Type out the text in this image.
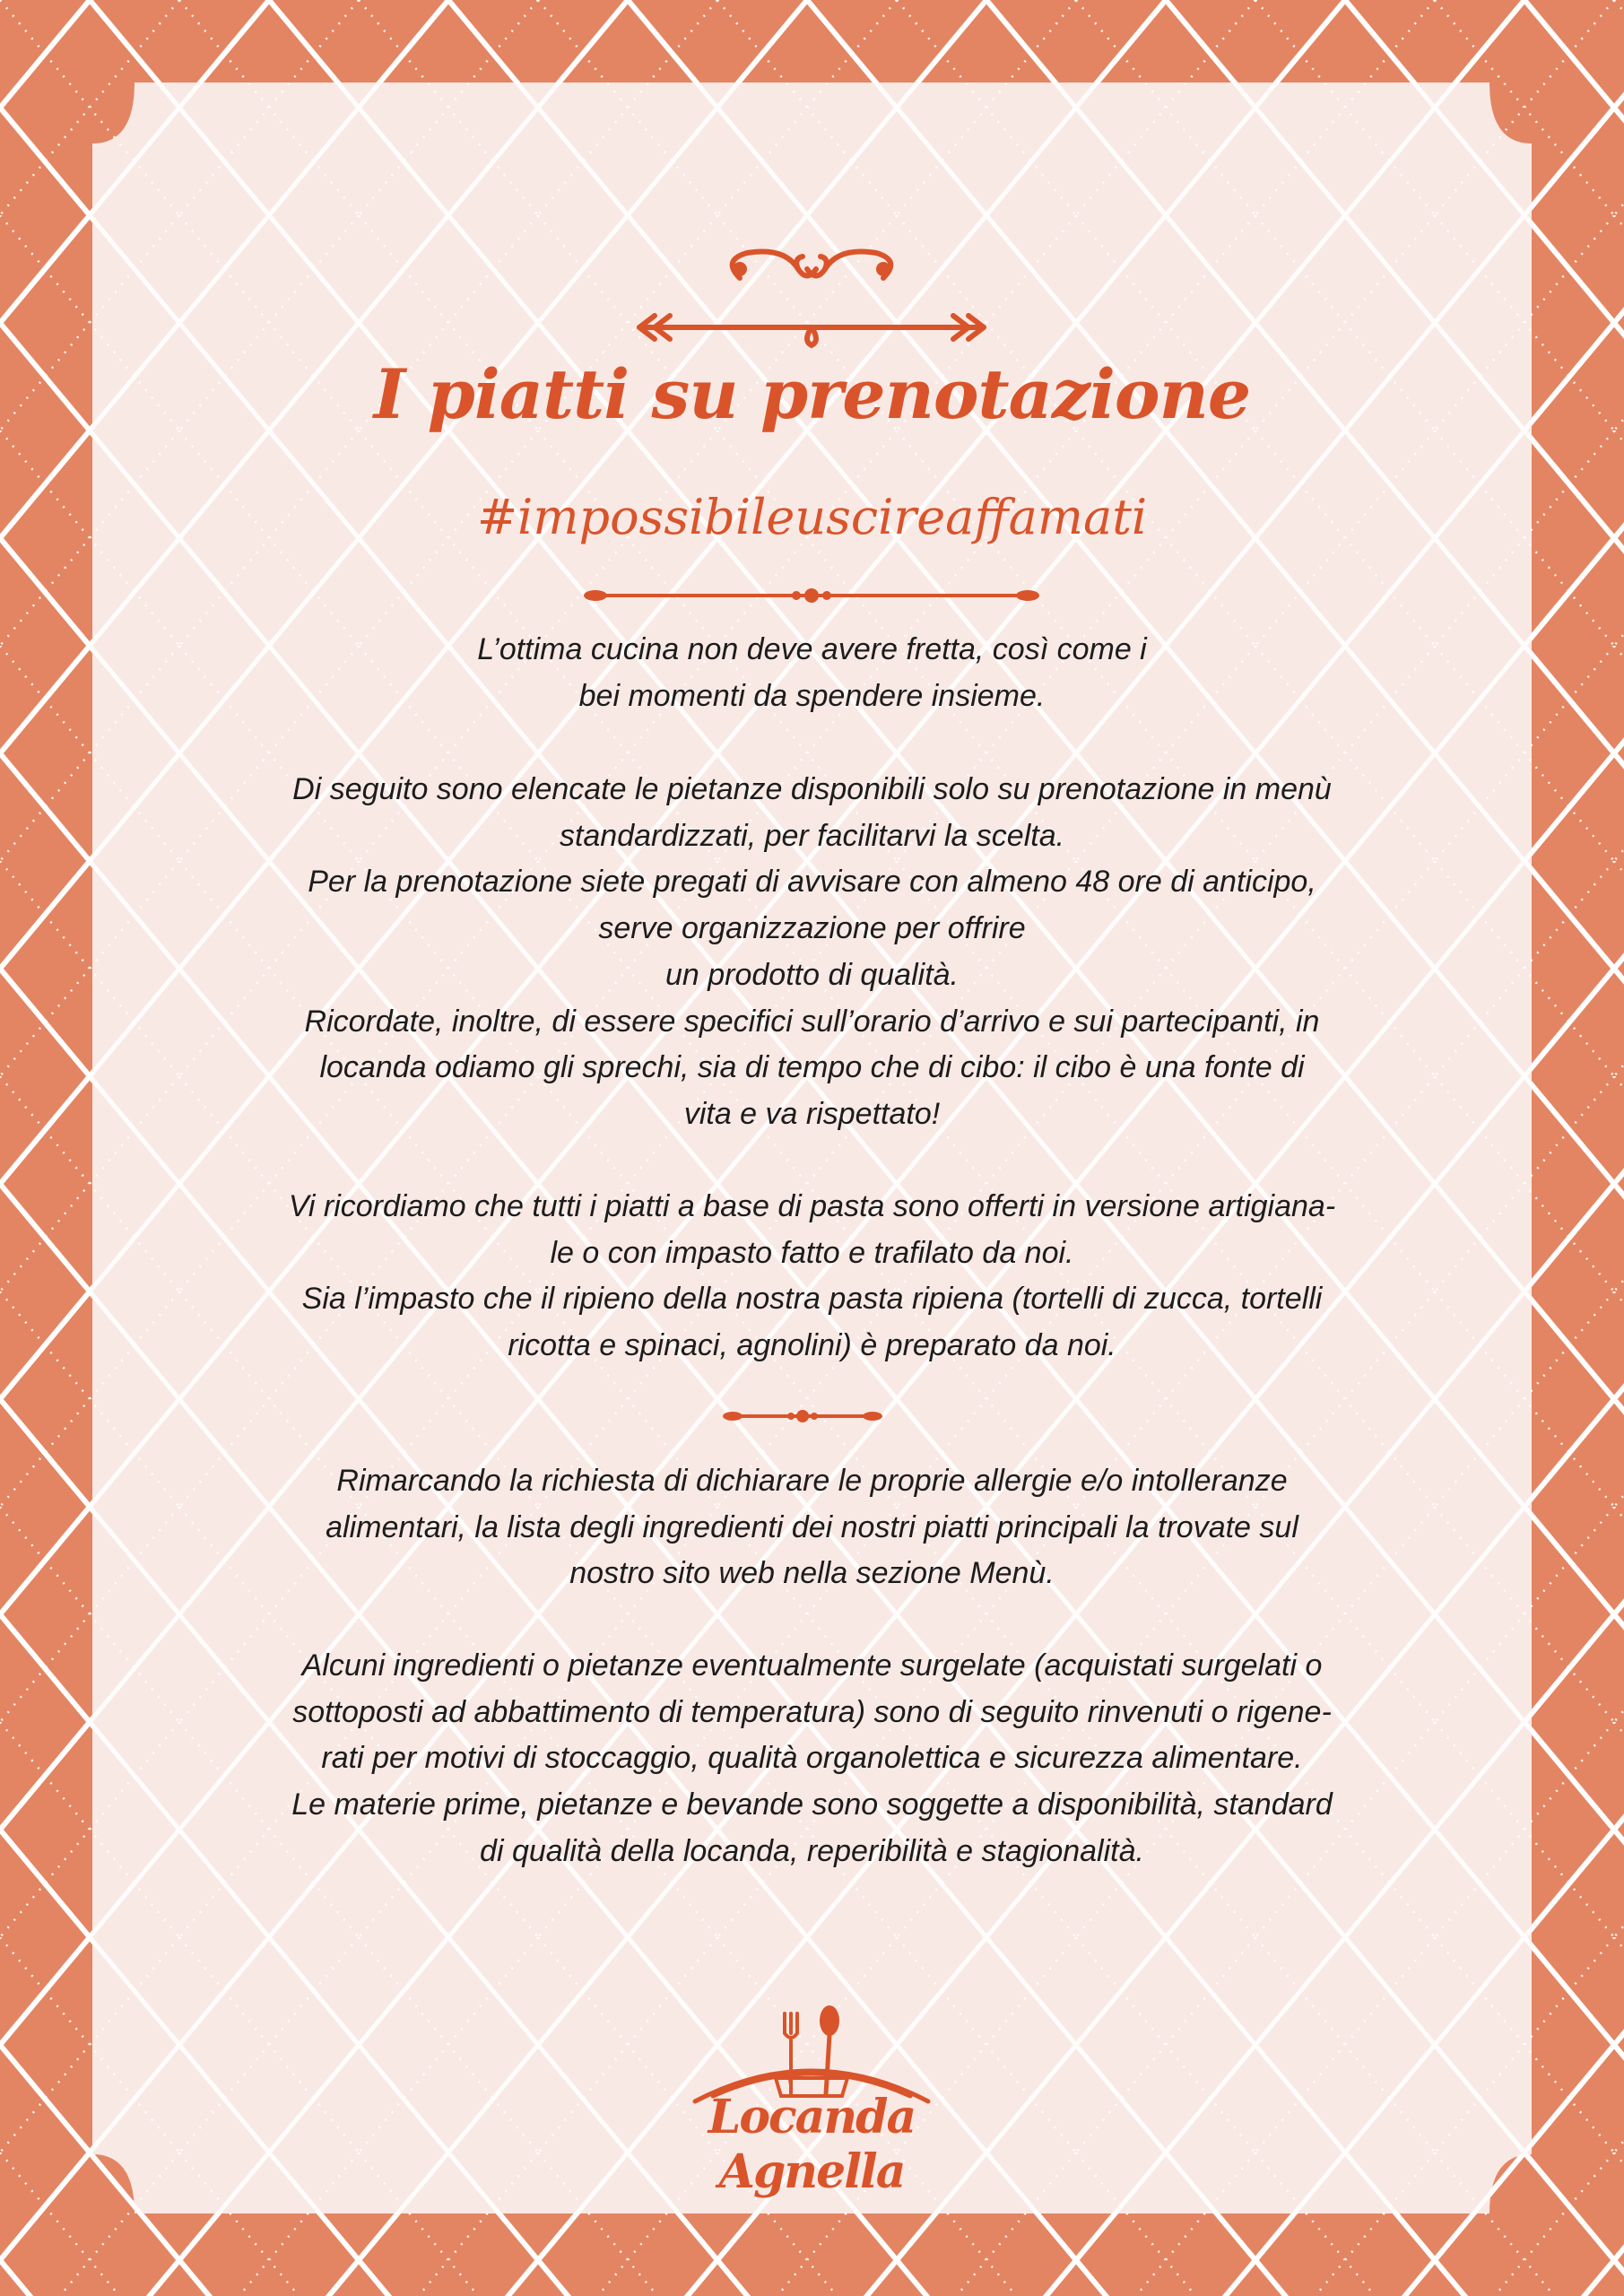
I piatti su prenotazione
#impossibileuscireaffamati

L’ottima cucina non deve avere fretta, così come i

bei momenti da spendere insieme.

Di seguito sono elencate le pietanze disponibili solo su prenotazione in menù

standardizzati, per facilitarvi la scelta.

Per la prenotazione siete pregati di avvisare con almeno 48 ore di anticipo,

serve organizzazione per offrire

un prodotto di qualità.

Ricordate, inoltre, di essere specifici sull’orario d’arrivo e sui partecipanti, in

locanda odiamo gli sprechi, sia di tempo che di cibo: il cibo è una fonte di

vita e va rispettato!

Vi ricordiamo che tutti i piatti a base di pasta sono offerti in versione artigiana-

le o con impasto fatto e trafilato da noi.

Sia l’impasto che il ripieno della nostra pasta ripiena (tortelli di zucca, tortelli

ricotta e spinaci, agnolini) è preparato da noi.

Rimarcando la richiesta di dichiarare le proprie allergie e/o intolleranze

alimentari, la lista degli ingredienti dei nostri piatti principali la trovate sul

nostro sito web nella sezione Menù.

Alcuni ingredienti o pietanze eventualmente surgelate (acquistati surgelati o

sottoposti ad abbattimento di temperatura) sono di seguito rinvenuti o rigene-

rati per motivi di stoccaggio, qualità organolettica e sicurezza alimentare.

Le materie prime, pietanze e bevande sono soggette a disponibilità, standard

di qualità della locanda, reperibilità e stagionalità.

Locanda Agnella
